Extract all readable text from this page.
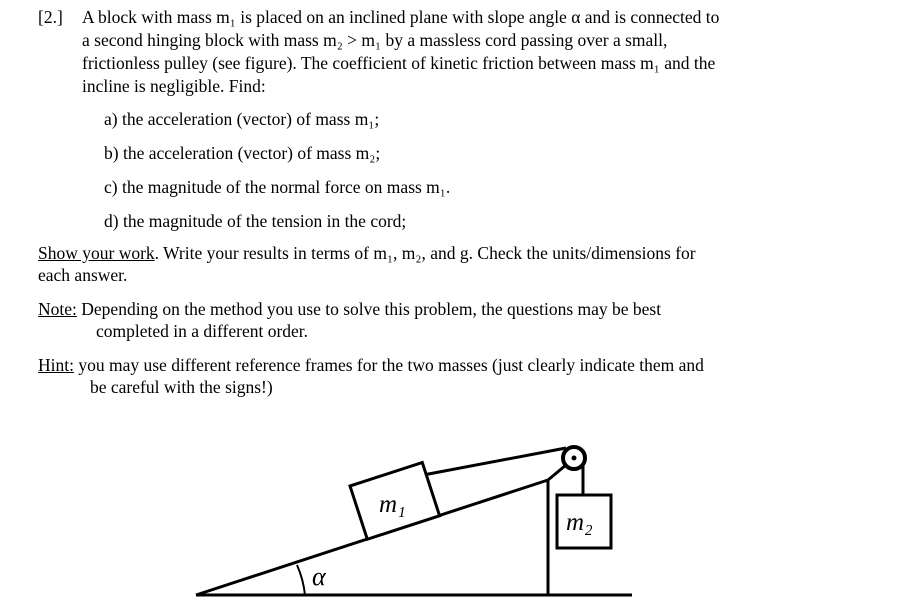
[2.] A block with mass m₁ is placed on an inclined plane with slope angle α and is connected to
a second hinging block with mass m₂ > m₁ by a massless cord passing over a small,
frictionless pulley (see figure). The coefficient of kinetic friction between mass m₁ and the
incline is negligible. Find:
a) the acceleration (vector) of mass m₁;
b) the acceleration (vector) of mass m₂;
c) the magnitude of the normal force on mass m₁.
d) the magnitude of the tension in the cord;
Show your work. Write your results in terms of m₁, m₂, and g. Check the units/dimensions for
each answer.
Note: Depending on the method you use to solve this problem, the questions may be best
completed in a different order.
Hint: you may use different reference frames for the two masses (just clearly indicate them and
be careful with the signs!)
α
m₁
m₂
